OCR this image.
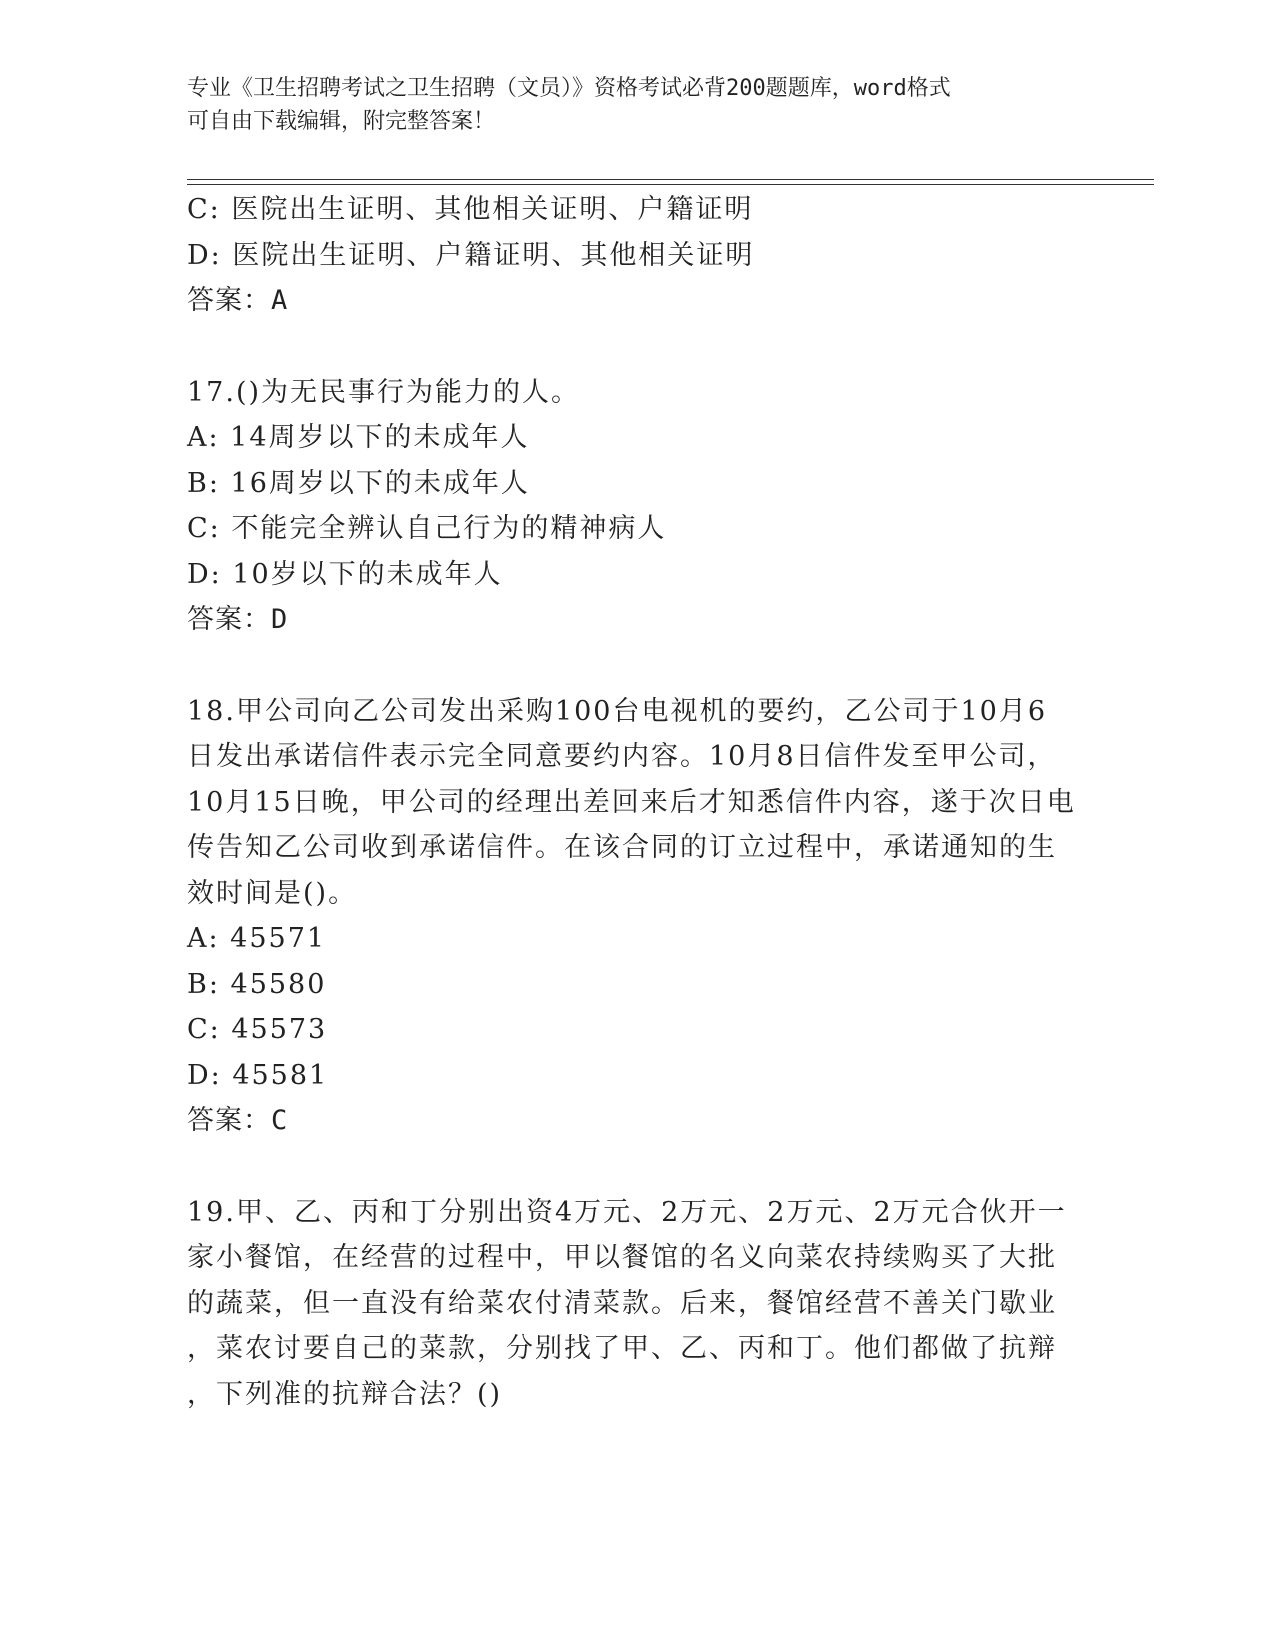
专业《卫生招聘考试之卫生招聘（文员）》资格考试必背200题题库，word格式
可自由下载编辑，附完整答案！
C: 医院出生证明、其他相关证明、户籍证明
D: 医院出生证明、户籍证明、其他相关证明
答案：A
17.()为无民事行为能力的人。
A: 14周岁以下的未成年人
B: 16周岁以下的未成年人
C: 不能完全辨认自己行为的精神病人
D: 10岁以下的未成年人
答案：D
18.甲公司向乙公司发出采购100台电视机的要约，乙公司于10月6
日发出承诺信件表示完全同意要约内容。10月8日信件发至甲公司，
10月15日晚，甲公司的经理出差回来后才知悉信件内容，遂于次日电
传告知乙公司收到承诺信件。在该合同的订立过程中，承诺通知的生
效时间是()。
A: 45571
B: 45580
C: 45573
D: 45581
答案：C
19.甲、乙、丙和丁分别出资4万元、2万元、2万元、2万元合伙开一
家小餐馆，在经营的过程中，甲以餐馆的名义向菜农持续购买了大批
的蔬菜，但一直没有给菜农付清菜款。后来，餐馆经营不善关门歇业
，菜农讨要自己的菜款，分别找了甲、乙、丙和丁。他们都做了抗辩
，下列准的抗辩合法？()
